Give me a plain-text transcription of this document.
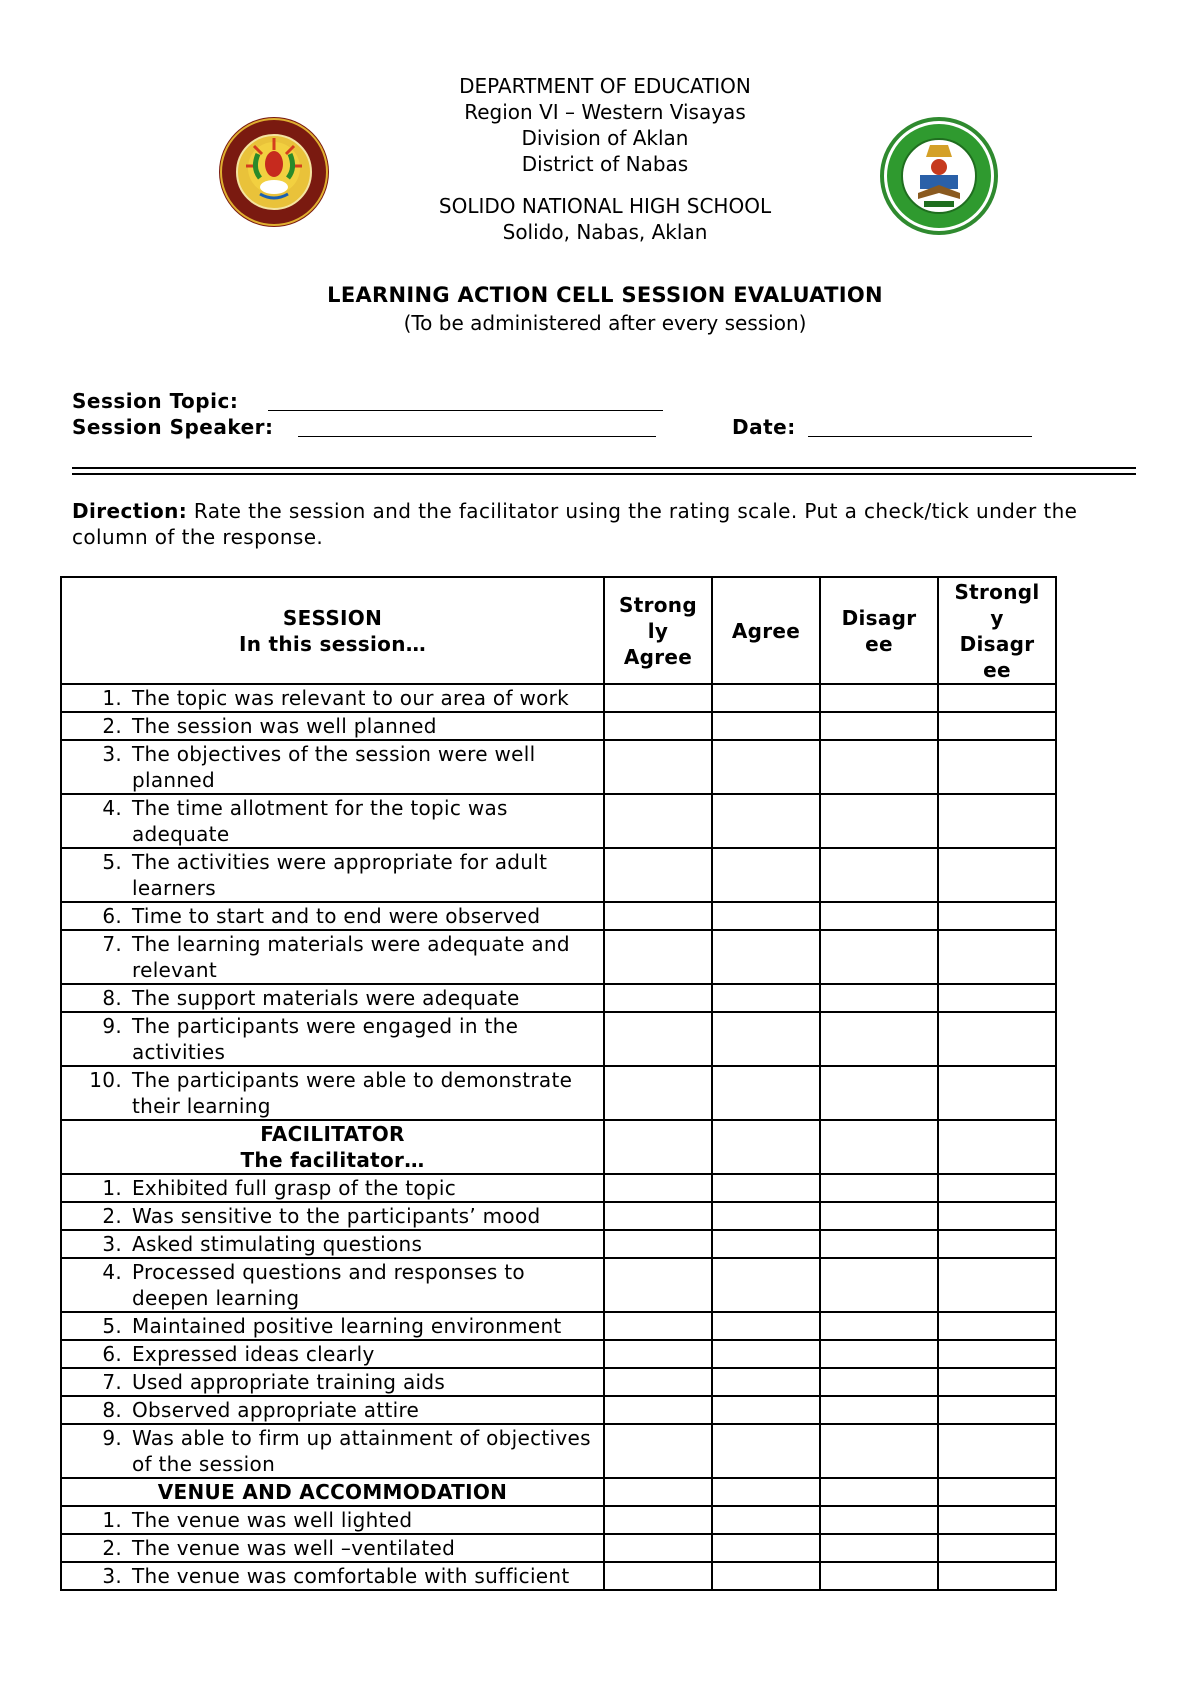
DEPARTMENT OF EDUCATION
Region VI – Western Visayas
Division of Aklan
District of Nabas
SOLIDO NATIONAL HIGH SCHOOL
Solido, Nabas, Aklan
LEARNING ACTION CELL SESSION EVALUATION
(To be administered after every session)
Session Topic:
Session Speaker:	Date:
Direction: Rate the session and the facilitator using the rating scale. Put a check/tick under the column of the response.
SESSION
In this session…	Strong ly Agree	Agree	Disagr ee	Strongl y Disagr ee

1. The topic was relevant to our area of work				

2. The session was well planned				

3. The objectives of the session were well planned				

4. The time allotment for the topic was adequate				

5. The activities were appropriate for adult learners				

6. Time to start and to end were observed				

7. The learning materials were adequate and relevant				

8. The support materials were adequate				

9. The participants were engaged in the activities				

10. The participants were able to demonstrate their learning				

FACILITATOR
The facilitator…				

1. Exhibited full grasp of the topic				

2. Was sensitive to the participants’ mood				

3. Asked stimulating questions				

4. Processed questions and responses to deepen learning				

5. Maintained positive learning environment				

6. Expressed ideas clearly				

7. Used appropriate training aids				

8. Observed appropriate attire				

9. Was able to firm up attainment of objectives of the session				

VENUE AND ACCOMMODATION				

1. The venue was well lighted				

2. The venue was well –ventilated				

3. The venue was comfortable with sufficient				
